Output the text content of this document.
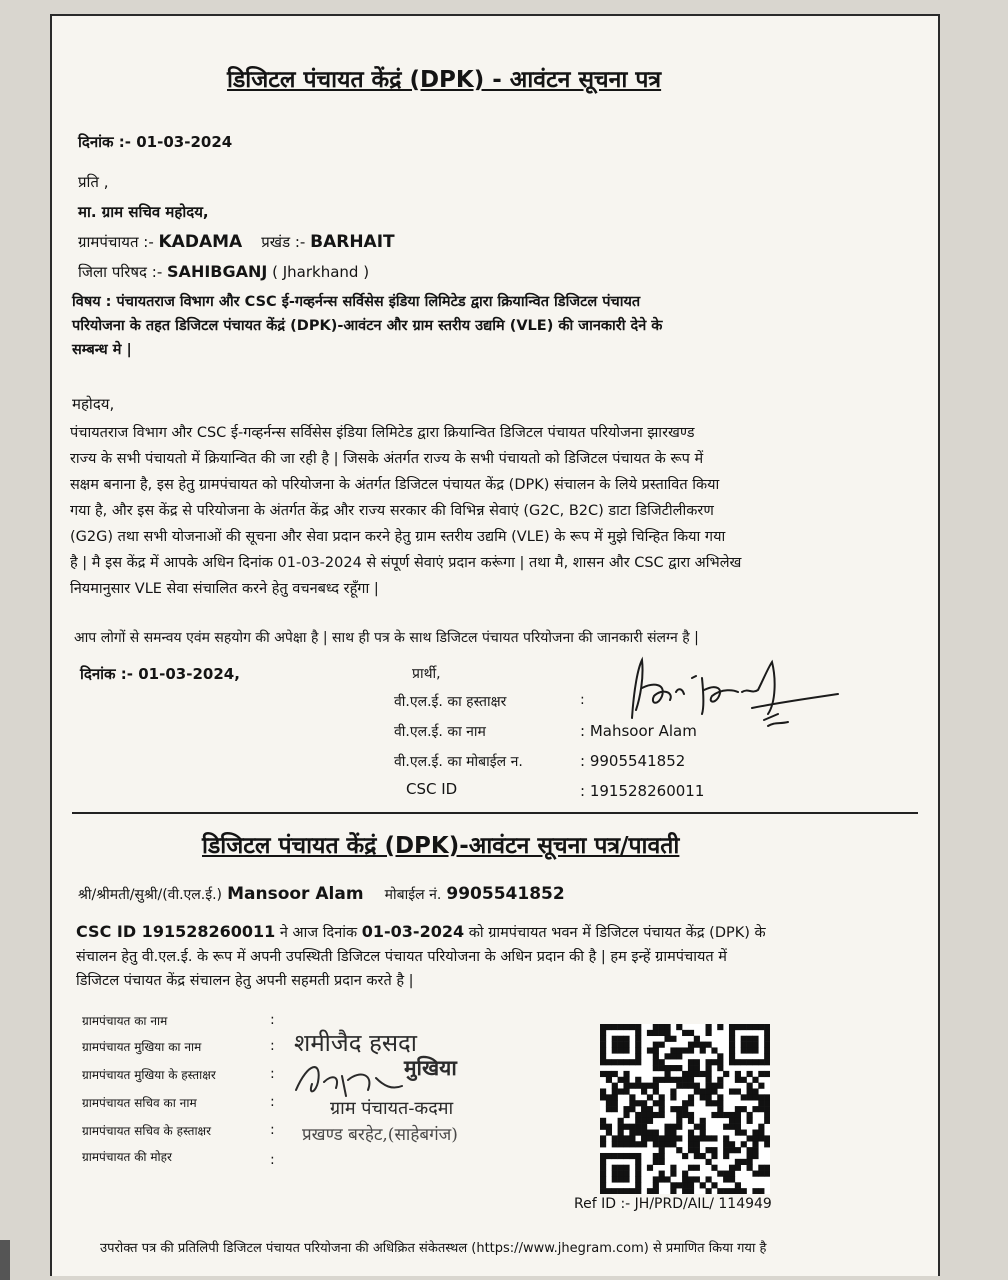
डिजिटल पंचायत केंद्रं (DPK) - आवंटन सूचना पत्र
दिनांक :- 01-03-2024
प्रति ,
मा. ग्राम सचिव महोदय,
ग्रामपंचायत :- KADAMA प्रखंड :- BARHAIT
जिला परिषद :- SAHIBGANJ ( Jharkhand )
विषय : पंचायतराज विभाग और CSC ई-गव्हर्नन्स सर्विसेस इंडिया लिमिटेड द्वारा क्रियान्वित डिजिटल पंचायत
परियोजना के तहत डिजिटल पंचायत केंद्रं (DPK)-आवंटन और ग्राम स्तरीय उद्यमि (VLE) की जानकारी देने के
सम्बन्ध मे |
महोदय,
पंचायतराज विभाग और CSC ई-गव्हर्नन्स सर्विसेस इंडिया लिमिटेड द्वारा क्रियान्वित डिजिटल पंचायत परियोजना झारखण्ड
राज्य के सभी पंचायतो में क्रियान्वित की जा रही है | जिसके अंतर्गत राज्य के सभी पंचायतो को डिजिटल पंचायत के रूप में
सक्षम बनाना है, इस हेतु ग्रामपंचायत को परियोजना के अंतर्गत डिजिटल पंचायत केंद्र (DPK) संचालन के लिये प्रस्तावित किया
गया है, और इस केंद्र से परियोजना के अंतर्गत केंद्र और राज्य सरकार की विभिन्न सेवाएं (G2C, B2C) डाटा डिजिटीलीकरण
(G2G) तथा सभी योजनाओं की सूचना और सेवा प्रदान करने हेतु ग्राम स्तरीय उद्यमि (VLE) के रूप में मुझे चिन्हित किया गया
है | मै इस केंद्र में आपके अधिन दिनांक 01-03-2024 से संपूर्ण सेवाएं प्रदान करूंगा | तथा मै, शासन और CSC द्वारा अभिलेख
नियमानुसार VLE सेवा संचालित करने हेतु वचनबध्द रहूँगा |
आप लोगों से समन्वय एवंम सहयोग की अपेक्षा है | साथ ही पत्र के साथ डिजिटल पंचायत परियोजना की जानकारी संलग्न है |
दिनांक :- 01-03-2024,	प्रार्थी,
वी.एल.ई. का हस्ताक्षर	:
वी.एल.ई. का नाम	: Mahsoor Alam
वी.एल.ई. का मोबाईल न.	: 9905541852
CSC ID	: 191528260011
डिजिटल पंचायत केंद्रं (DPK)-आवंटन सूचना पत्र/पावती
श्री/श्रीमती/सुश्री/(वी.एल.ई.) Mansoor Alam मोबाईल नं. 9905541852
CSC ID 191528260011 ने आज दिनांक 01-03-2024 को ग्रामपंचायत भवन में डिजिटल पंचायत केंद्र (DPK) के
संचालन हेतु वी.एल.ई. के रूप में अपनी उपस्थिती डिजिटल पंचायत परियोजना के अधिन प्रदान की है | हम इन्हें ग्रामपंचायत में
डिजिटल पंचायत केंद्र संचालन हेतु अपनी सहमती प्रदान करते है |
ग्रामपंचायत का नाम	:
ग्रामपंचायत मुखिया का नाम	:
ग्रामपंचायत मुखिया के हस्ताक्षर	:
ग्रामपंचायत सचिव का नाम	:
ग्रामपंचायत सचिव के हस्ताक्षर	:
ग्रामपंचायत की मोहर	:
शमीजैद हसदा
मुखिया
ग्राम पंचायत-कदमा
प्रखण्ड बरहेट,(साहेबगंज)
Ref ID :- JH/PRD/AIL/ 114949
उपरोक्त पत्र की प्रतिलिपी डिजिटल पंचायत परियोजना की अधिक्रित संकेतस्थल (https://www.jhegram.com) से प्रमाणित किया गया है
